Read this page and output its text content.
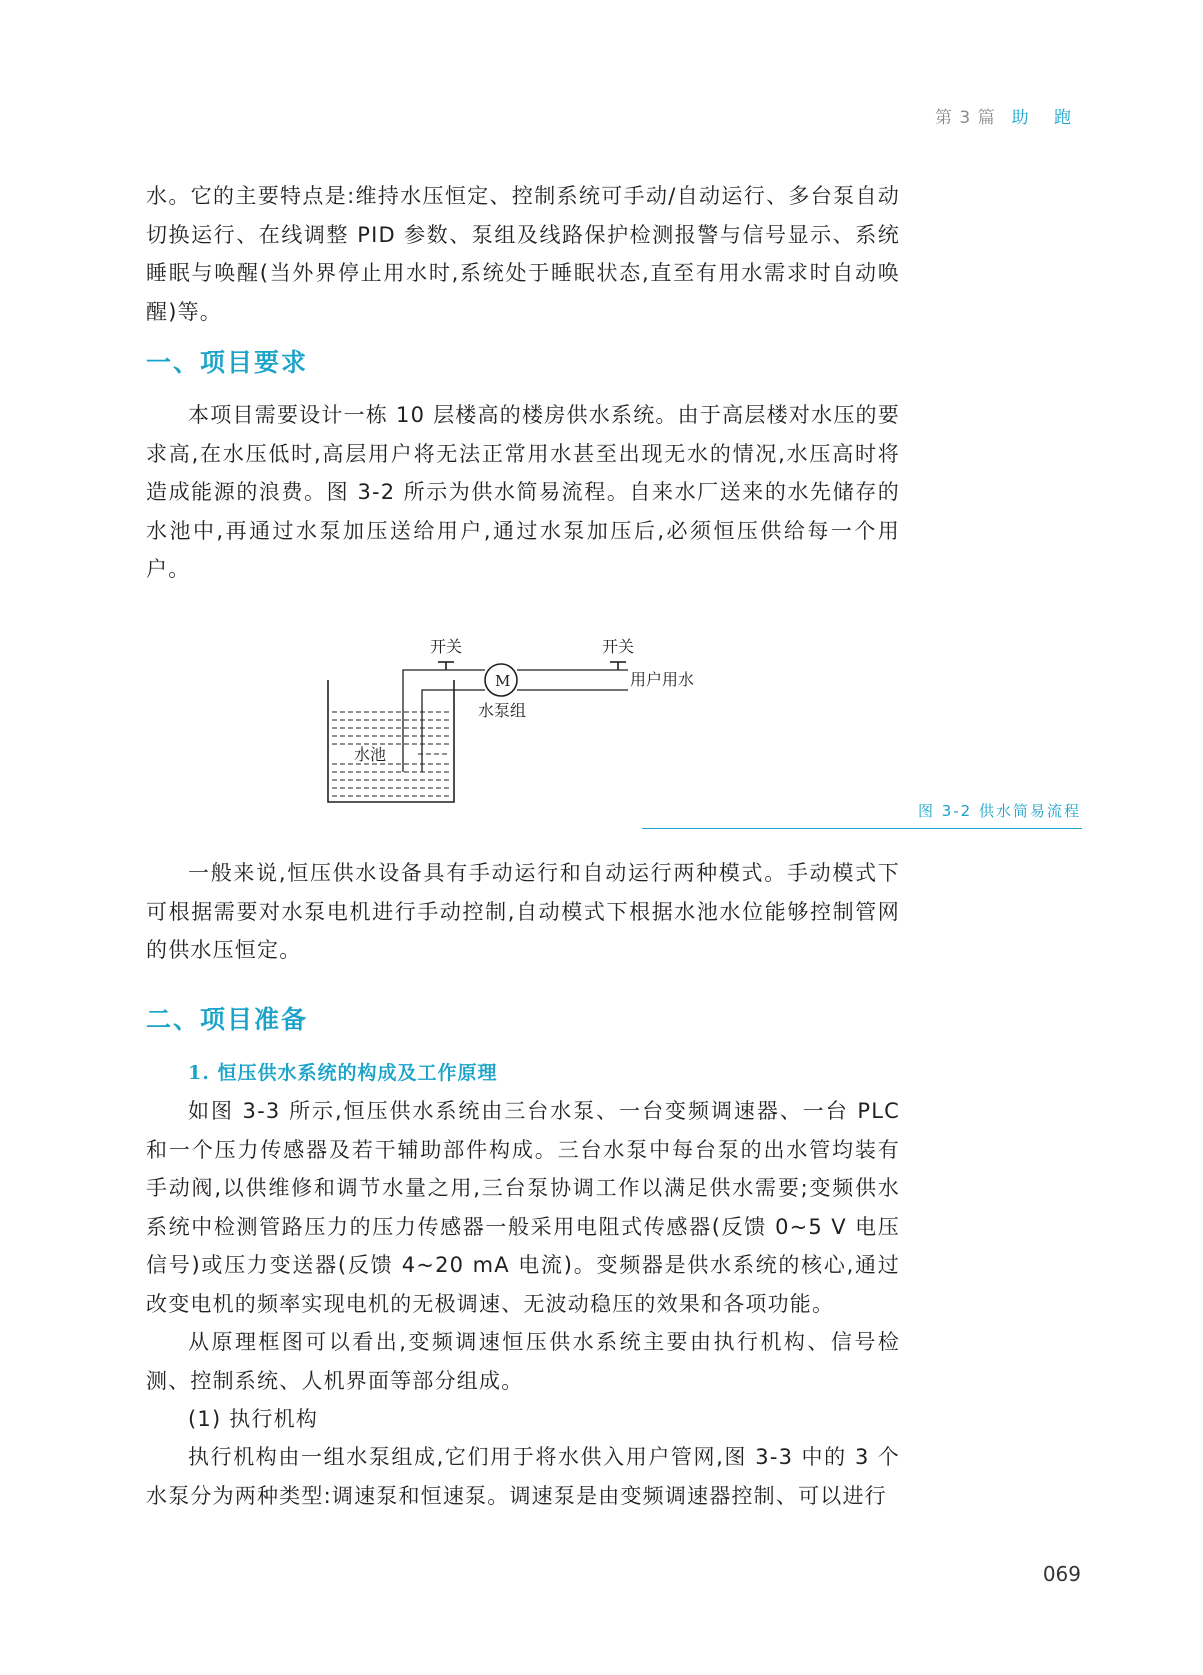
第 3 篇 助 跑

水。它的主要特点是:维持水压恒定、控制系统可手动/自动运行、多台泵自动切换运行、在线调整 PID 参数、泵组及线路保护检测报警与信号显示、系统睡眠与唤醒(当外界停止用水时,系统处于睡眠状态,直至有用水需求时自动唤醒)等。

一、项目要求

本项目需要设计一栋 10 层楼高的楼房供水系统。由于高层楼对水压的要求高,在水压低时,高层用户将无法正常用水甚至出现无水的情况,水压高时将造成能源的浪费。图 3-2 所示为供水简易流程。自来水厂送来的水先储存的水池中,再通过水泵加压送给用户,通过水泵加压后,必须恒压供给每一个用户。

开关	开关
M
水泵组
水池
用户用水
图 3-2 供水简易流程

一般来说,恒压供水设备具有手动运行和自动运行两种模式。手动模式下可根据需要对水泵电机进行手动控制,自动模式下根据水池水位能够控制管网的供水压恒定。

二、项目准备
1. 恒压供水系统的构成及工作原理

如图 3-3 所示,恒压供水系统由三台水泵、一台变频调速器、一台 PLC 和一个压力传感器及若干辅助部件构成。三台水泵中每台泵的出水管均装有手动阀,以供维修和调节水量之用,三台泵协调工作以满足供水需要;变频供水系统中检测管路压力的压力传感器一般采用电阻式传感器(反馈 0~5 V 电压信号)或压力变送器(反馈 4~20 mA 电流)。变频器是供水系统的核心,通过改变电机的频率实现电机的无极调速、无波动稳压的效果和各项功能。

从原理框图可以看出,变频调速恒压供水系统主要由执行机构、信号检测、控制系统、人机界面等部分组成。

(1) 执行机构

执行机构由一组水泵组成,它们用于将水供入用户管网,图 3-3 中的 3 个水泵分为两种类型:调速泵和恒速泵。调速泵是由变频调速器控制、可以进行

069
